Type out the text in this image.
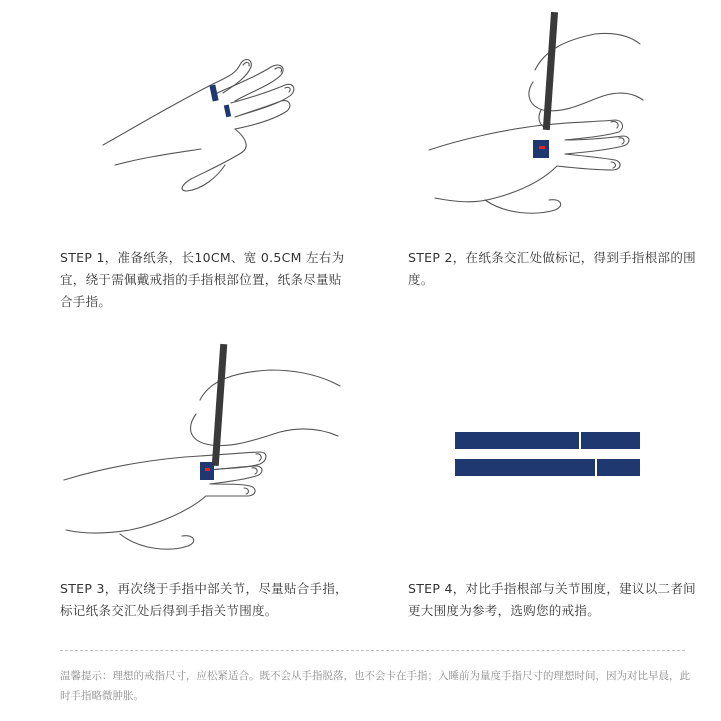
STEP 1，准备纸条，长10CM、宽 0.5CM 左右为宜，绕于需佩戴戒指的手指根部位置，纸条尽量贴合手指。
STEP 2，在纸条交汇处做标记，得到手指根部的围度。
STEP 3，再次绕于手指中部关节，尽量贴合手指，标记纸条交汇处后得到手指关节围度。
STEP 4，对比手指根部与关节围度，建议以二者间更大围度为参考，选购您的戒指。
温馨提示：理想的戒指尺寸，应松紧适合。既不会从手指脱落，也不会卡在手指；入睡前为量度手指尺寸的理想时间，因为对比早晨，此时手指略微肿胀。
